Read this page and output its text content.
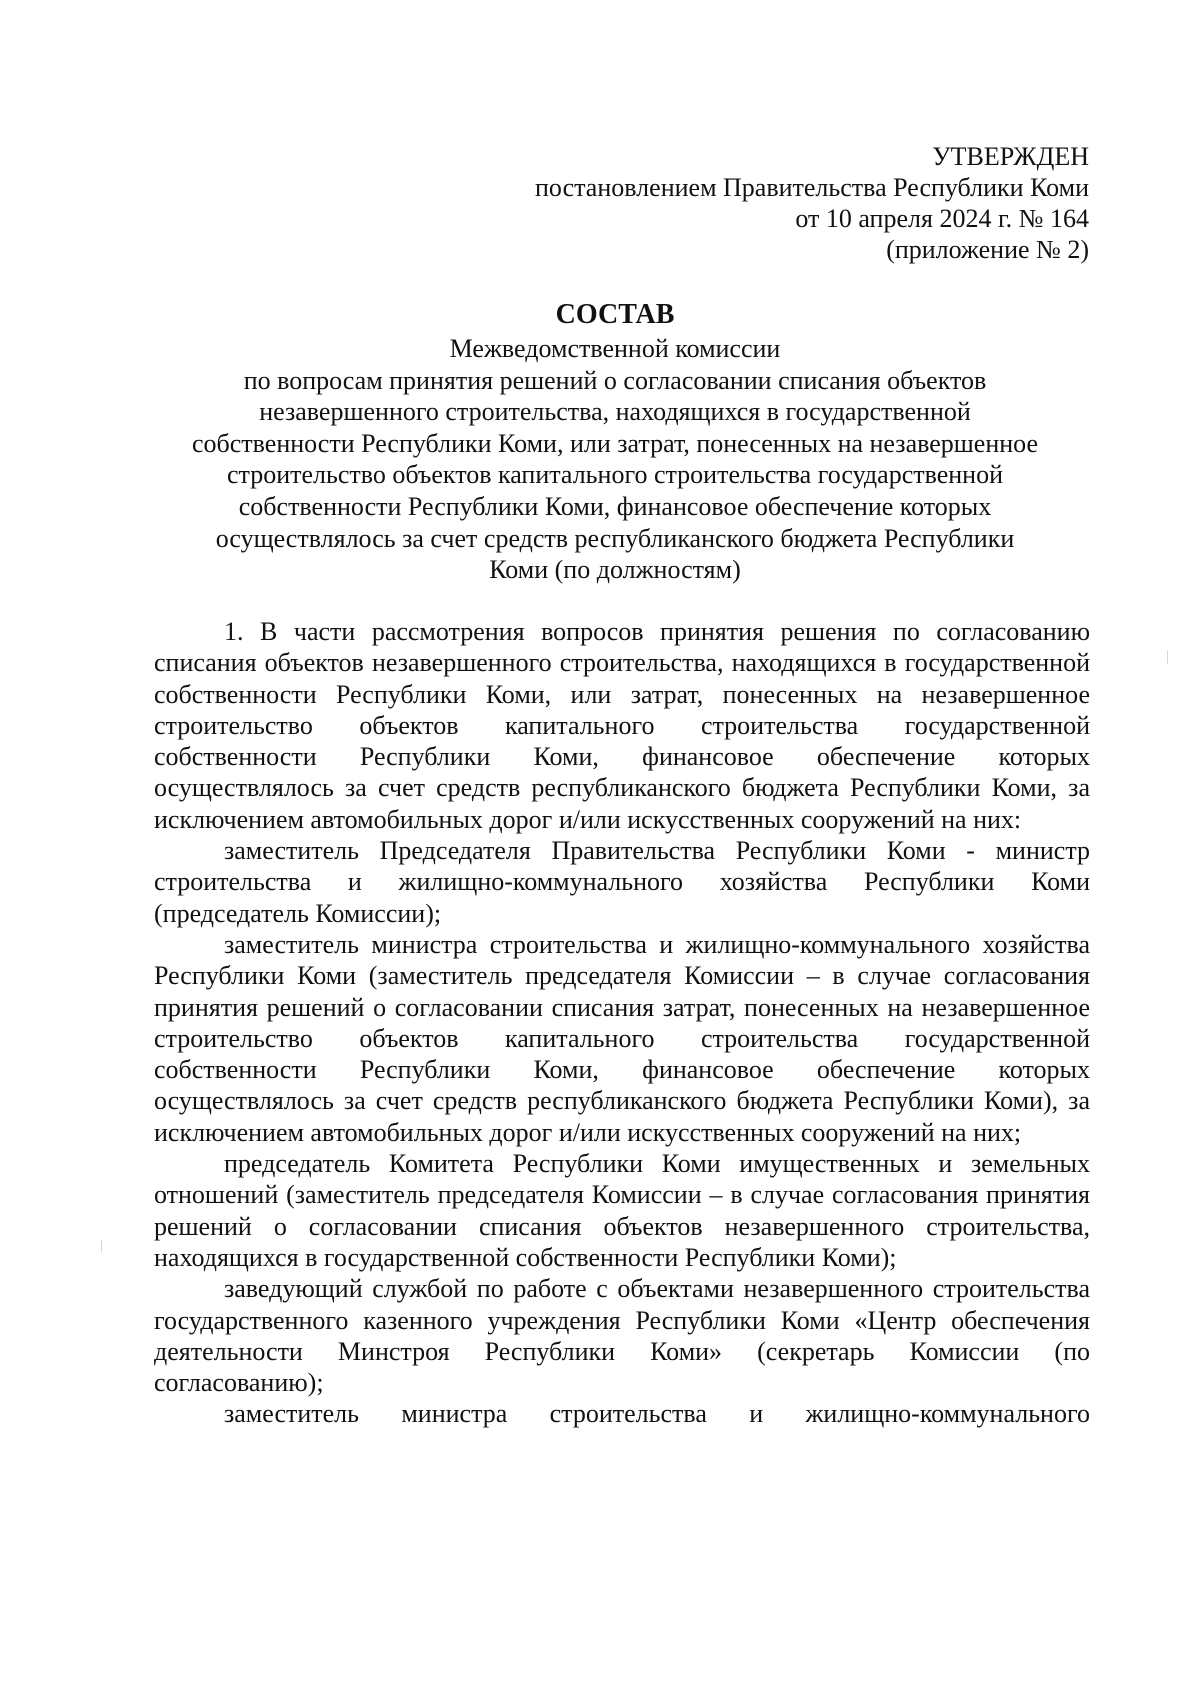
УТВЕРЖДЕН
постановлением Правительства Республики Коми
от 10 апреля 2024 г. № 164
(приложение № 2)
СОСТАВ
Межведомственной комиссии
по вопросам принятия решений о согласовании списания объектов
незавершенного строительства, находящихся в государственной
собственности Республики Коми, или затрат, понесенных на незавершенное
строительство объектов капитального строительства государственной
собственности Республики Коми, финансовое обеспечение которых
осуществлялось за счет средств республиканского бюджета Республики
Коми (по должностям)

1. В части рассмотрения вопросов принятия решения по согласованию списания объектов незавершенного строительства, находящихся в государственной собственности Республики Коми, или затрат, понесенных на незавершенное строительство объектов капитального строительства государственной собственности Республики Коми, финансовое обеспечение которых осуществлялось за счет средств республиканского бюджета Республики Коми, за исключением автомобильных дорог и/или искусственных сооружений на них:

заместитель Председателя Правительства Республики Коми - министр строительства и жилищно-коммунального хозяйства Республики Коми (председатель Комиссии);

заместитель министра строительства и жилищно-коммунального хозяйства Республики Коми (заместитель председателя Комиссии – в случае согласования принятия решений о согласовании списания затрат, понесенных на незавершенное строительство объектов капитального строительства государственной собственности Республики Коми, финансовое обеспечение которых осуществлялось за счет средств республиканского бюджета Республики Коми), за исключением автомобильных дорог и/или искусственных сооружений на них;

председатель Комитета Республики Коми имущественных и земельных отношений (заместитель председателя Комиссии – в случае согласования принятия решений о согласовании списания объектов незавершенного строительства, находящихся в государственной собственности Республики Коми);

заведующий службой по работе с объектами незавершенного строительства государственного казенного учреждения Республики Коми «Центр обеспечения деятельности Минстроя Республики Коми» (секретарь Комиссии (по согласованию);

заместитель министра строительства и жилищно-коммунального
